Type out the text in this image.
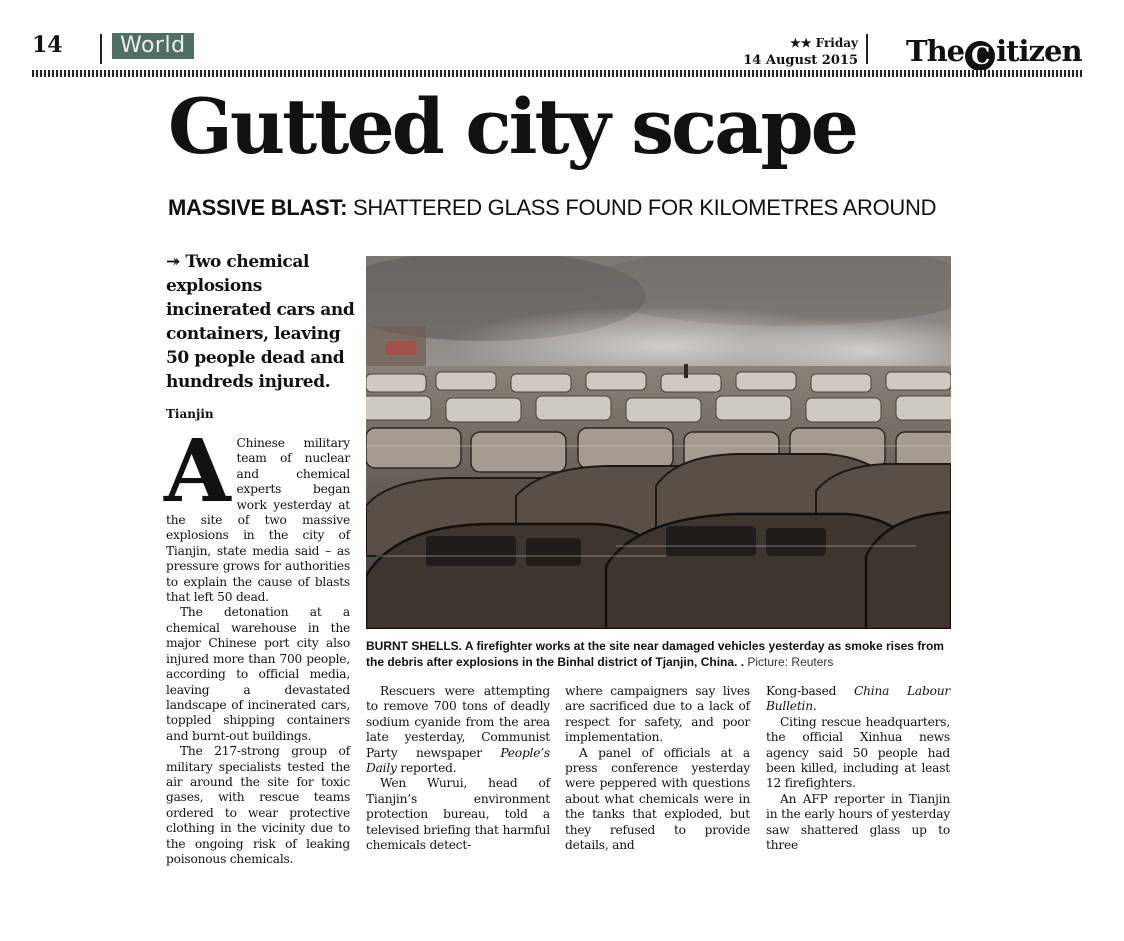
14	World	★★ Friday
14 August 2015 The C itizen
Gutted city scape
MASSIVE BLAST: SHATTERED GLASS FOUND FOR KILOMETRES AROUND
↠ Two chemical explosions incinerated cars and containers, leaving 50 people dead and hundreds injured.
Tianjin

A Chinese military team of nuclear and chemical experts began work yesterday at the site of two massive explosions in the city of Tianjin, state media said – as pressure grows for authorities to explain the cause of blasts that left 50 dead.

The detonation at a chemical warehouse in the major Chinese port city also injured more than 700 people, according to official media, leaving a devastated landscape of incinerated cars, toppled shipping containers and burnt-out buildings.

The 217-strong group of military specialists tested the air around the site for toxic gases, with rescue teams ordered to wear protective clothing in the vicinity due to the ongoing risk of leaking poisonous chemicals.

BURNT SHELLS. A firefighter works at the site near damaged vehicles yesterday as smoke rises from the debris after explosions in the Binhal district of Tjanjin, China. . Picture: Reuters

Rescuers were attempting to remove 700 tons of deadly sodium cyanide from the area late yesterday, Communist Party newspaper People’s Daily reported.

Wen Wurui, head of Tianjin’s environment protection bureau, told a televised briefing that harmful chemicals detect-

where campaigners say lives are sacrificed due to a lack of respect for safety, and poor implementation.

A panel of officials at a press conference yesterday were peppered with questions about what chemicals were in the tanks that exploded, but they refused to provide details, and

Kong-based China Labour Bulletin.

Citing rescue headquarters, the official Xinhua news agency said 50 people had been killed, including at least 12 firefighters.

An AFP reporter in Tianjin in the early hours of yesterday saw shattered glass up to three
